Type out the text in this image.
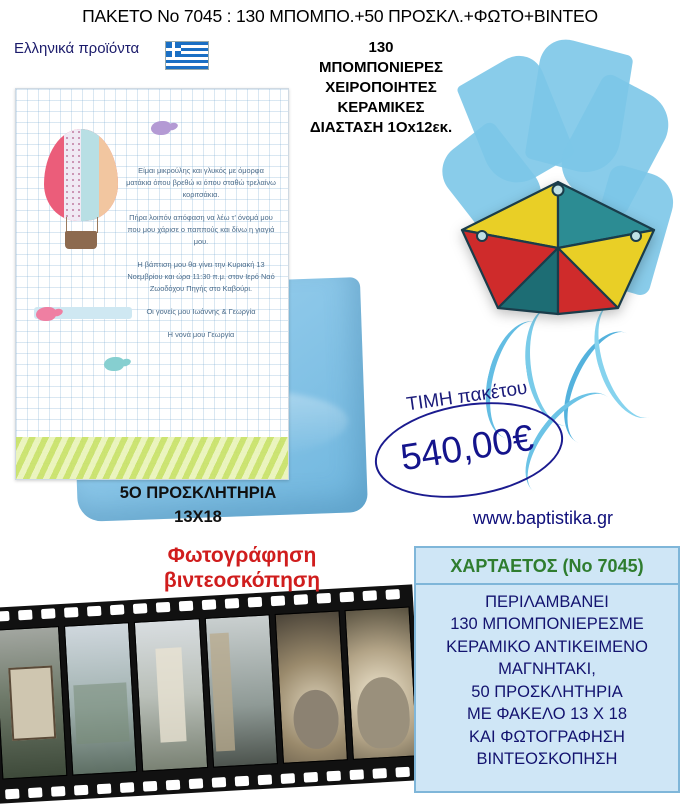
ΠΑΚΕΤΟ Νο 7045 : 130 ΜΠΟΜΠΟ.+50 ΠΡΟΣΚΛ.+ΦΩΤΟ+ΒΙΝΤΕΟ
Ελληνικά προϊόντα	130
ΜΠΟΜΠΟΝΙΕΡΕΣ
ΧΕΙΡΟΠΟΙΗΤΕΣ
ΚΕΡΑΜΙΚΕΣ
ΔΙΑΣΤΑΣΗ 1Οx12εκ.

Είμαι μικρούλης και γλυκός με όμορφα ματάκια όπου βρεθώ κι όπου σταθώ τρελαίνω κοριτσάκια.

Πήρα λοιπόν απόφαση να λέω τ' όνομά μου που μου χάρισε ο παππούς και δίνω η γιαγιά μου.

Η βάπτιση μου θα γίνει την Κυριακή 13 Νοεμβρίου και ώρα 11:30 π.μ. στον Ιερό Ναό Ζωοδόχου Πηγής στο Καβούρι.

Οι γονείς μου Ιωάννης & Γεωργία

Η νονά μου Γεωργία

5Ο ΠΡΟΣΚΛΗΤΗΡΙΑ
13Χ18
ΤΙΜΗ πακέτου
540,00€
www.baptistika.gr
Φωτογράφηση
βιντεοσκόπηση
ΧΑΡΤΑΕΤΟΣ (Νο 7045)
ΠΕΡΙΛΑΜΒΑΝΕΙ
130 ΜΠΟΜΠΟΝΙΕΡΕΣΜΕ
ΚΕΡΑΜΙΚΟ ΑΝΤΙΚΕΙΜΕΝΟ
ΜΑΓΝΗΤΑΚΙ,
50 ΠΡΟΣΚΛΗΤΗΡΙΑ
ΜΕ ΦΑΚΕΛΟ 13 Χ 18
ΚΑΙ ΦΩΤΟΓΡΑΦΗΣΗ
ΒΙΝΤΕΟΣΚΟΠΗΣΗ
